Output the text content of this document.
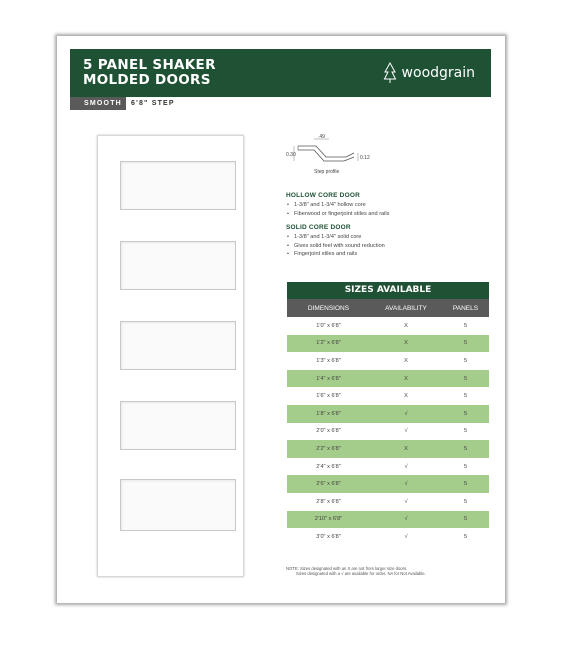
5 PANEL SHAKER
MOLDED DOORS	woodgrain
SMOOTH	6'8" STEP
.49
0.30	0.12
Step profile
HOLLOW CORE DOOR
• 1-3/8" and 1-3/4" hollow core
• Fiberwood or fingerjoint stiles and rails
SOLID CORE DOOR
• 1-3/8" and 1-3/4" solid core
• Gives solid feel with sound reduction
• Fingerjoint stiles and rails
SIZES AVAILABLE
DIMENSIONS	AVAILABILITY	PANELS
1'0" x 6'8"	X	5
1'2" x 6'8"	X	5
1'3" x 6'8"	X	5
1'4" x 6'8"	X	5
1'6" x 6'8"	X	5
1'8" x 6'8"	√	5
2'0" x 6'8"	√	5
2'2" x 6'8"	X	5
2'4" x 6'8"	√	5
2'6" x 6'8"	√	5
2'8" x 6'8"	√	5
2'10" x 6'8"	√	5
3'0" x 6'8"	√	5
NOTE: Sizes designated with an X are not from larger size doors.
Sizes designated with a √ are available for order. NA for Not Available.
